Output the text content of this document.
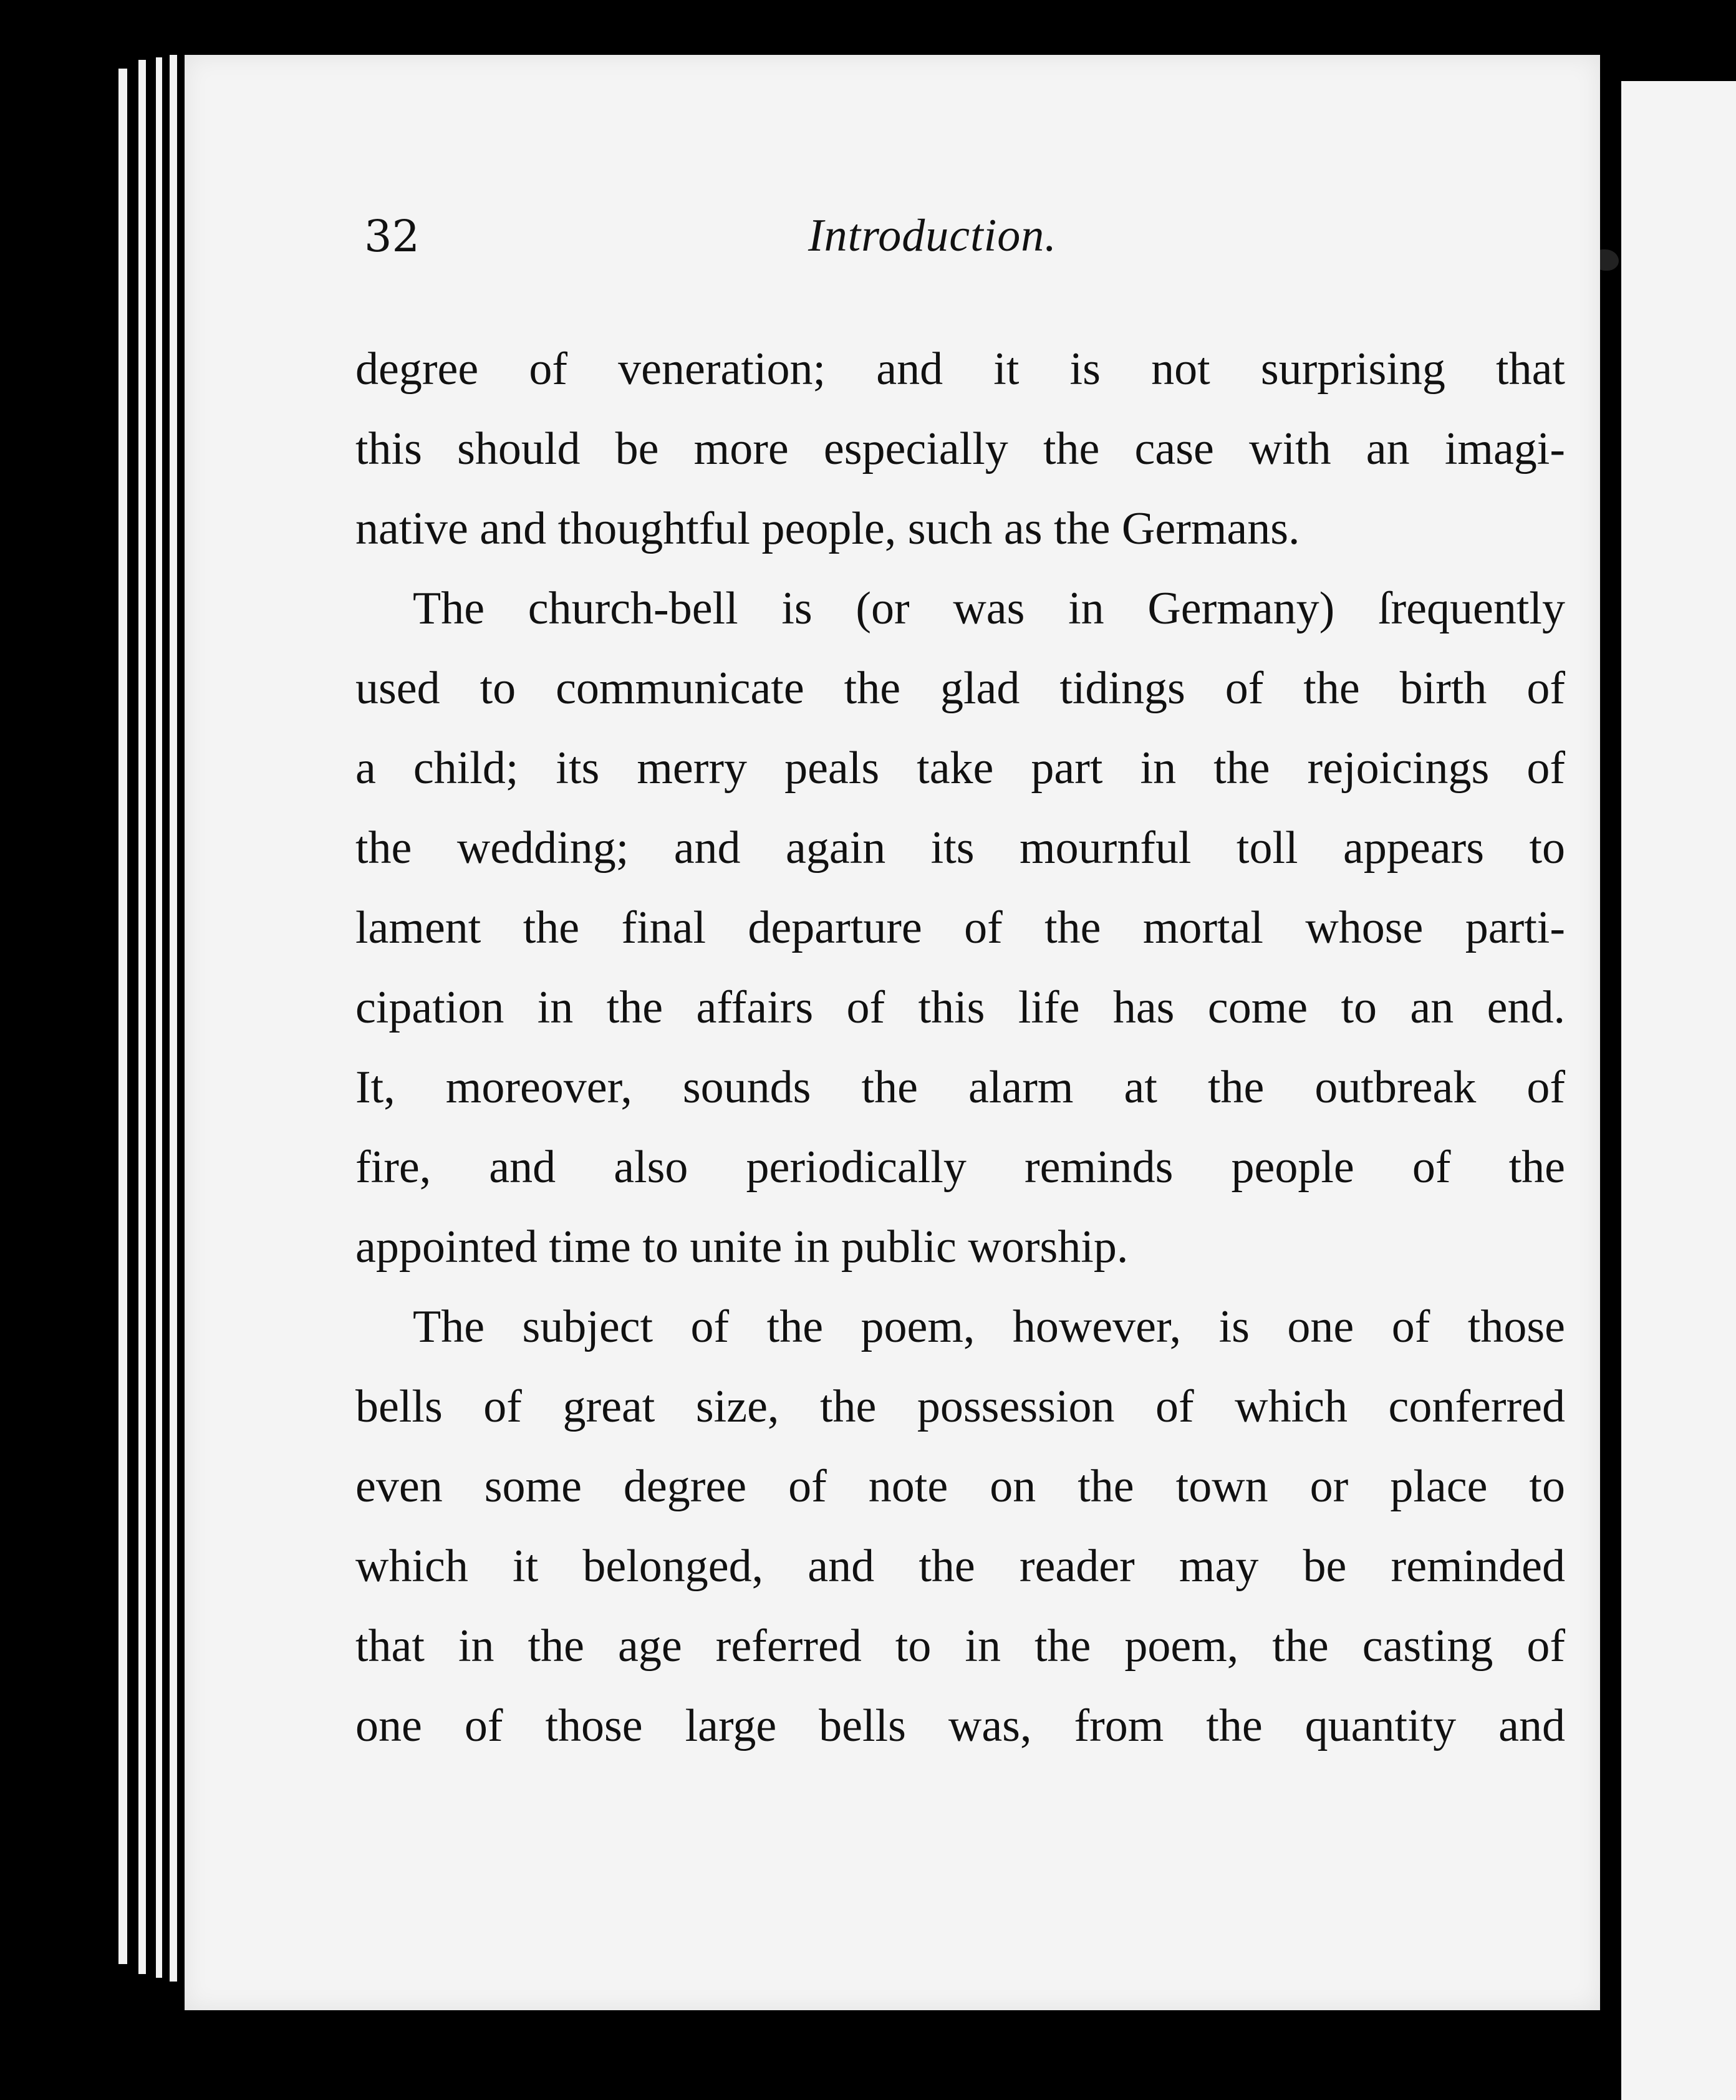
32	Introduction.
degree of veneration; and it is not surprising that
this should be more especially the case with an imagi-
native and thoughtful people, such as the Germans.
The church-bell is (or was in Germany) ſrequently
used to communicate the glad tidings of the birth of
a child; its merry peals take part in the rejoicings of
the wedding; and again its mournful toll appears to
lament the final departure of the mortal whose parti-
cipation in the affairs of this life has come to an end.
It, moreover, sounds the alarm at the outbreak of
fire, and also periodically reminds people of the
appointed time to unite in public worship.
The subject of the poem, however, is one of those
bells of great size, the possession of which conferred
even some degree of note on the town or place to
which it belonged, and the reader may be reminded
that in the age referred to in the poem, the casting of
one of those large bells was, from the quantity and
